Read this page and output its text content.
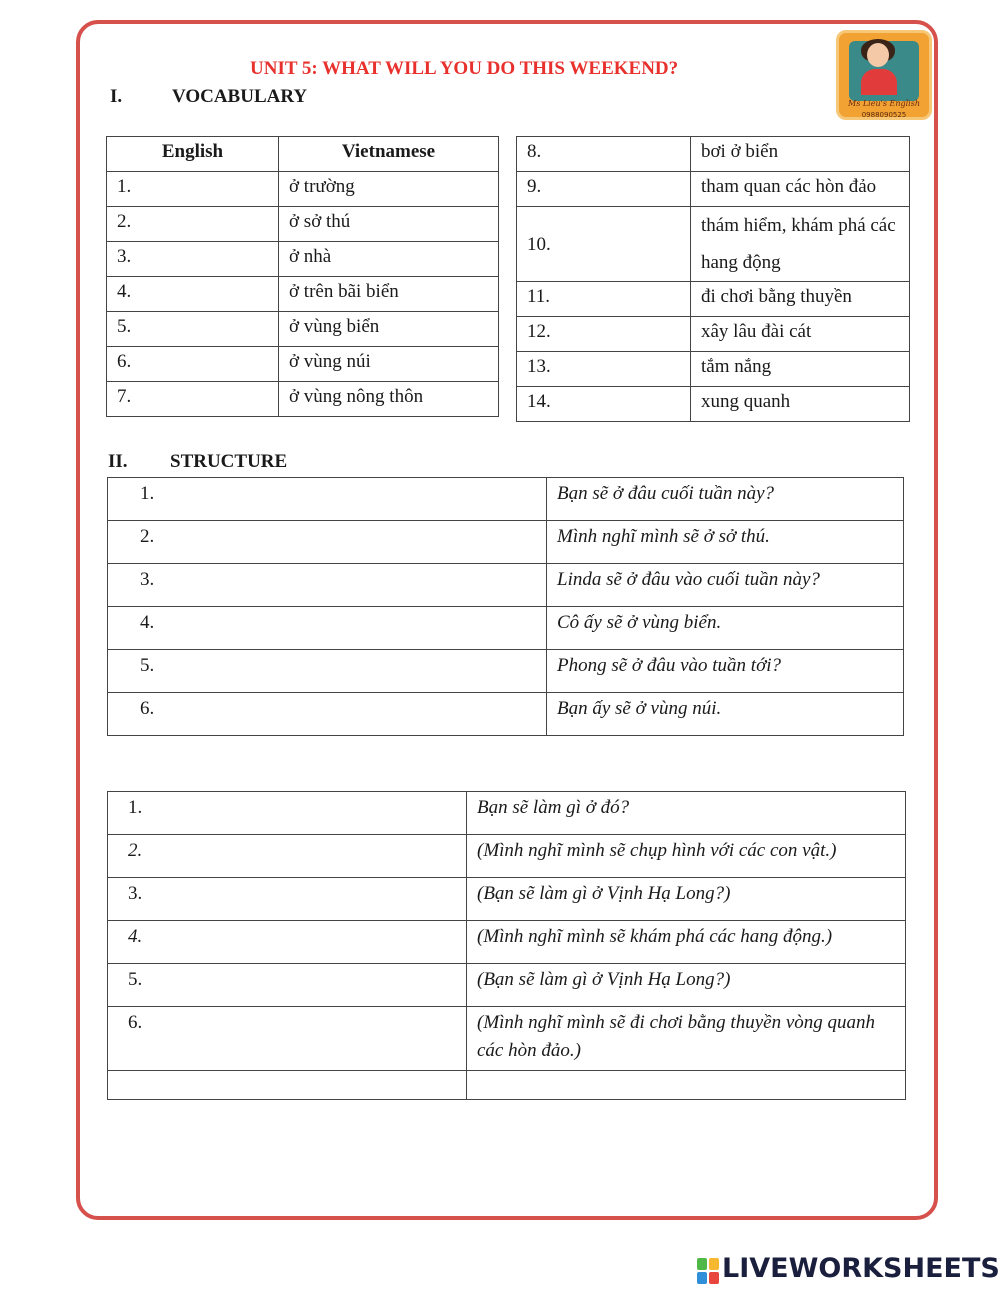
UNIT 5: WHAT WILL YOU DO THIS WEEKEND?
Ms Lieu's English
0988090525
I.	VOCABULARY
English	Vietnamese
1.	ở trường
2.	ở sở thú
3.	ở nhà
4.	ở trên bãi biển
5.	ở vùng biển
6.	ở vùng núi
7.	ở vùng nông thôn
8.	bơi ở biển
9.	tham quan các hòn đảo
10.	thám hiểm, khám phá các hang động
11.	đi chơi bằng thuyền
12.	xây lâu đài cát
13.	tắm nắng
14.	xung quanh
II. STRUCTURE
1.	Bạn sẽ ở đâu cuối tuần này?
2.	Mình nghĩ mình sẽ ở sở thú.
3.	Linda sẽ ở đâu vào cuối tuần này?
4.	Cô ấy sẽ ở vùng biển.
5.	Phong sẽ ở đâu vào tuần tới?
6.	Bạn ấy sẽ ở vùng núi.
1.	Bạn sẽ làm gì ở đó?
2.	(Mình nghĩ mình sẽ chụp hình với các con vật.)
3.	(Bạn sẽ làm gì ở Vịnh Hạ Long?)
4.	(Mình nghĩ mình sẽ khám phá các hang động.)
5.	(Bạn sẽ làm gì ở Vịnh Hạ Long?)
6.	(Mình nghĩ mình sẽ đi chơi bằng thuyền vòng quanh các hòn đảo.)

LIVEWORKSHEETS
